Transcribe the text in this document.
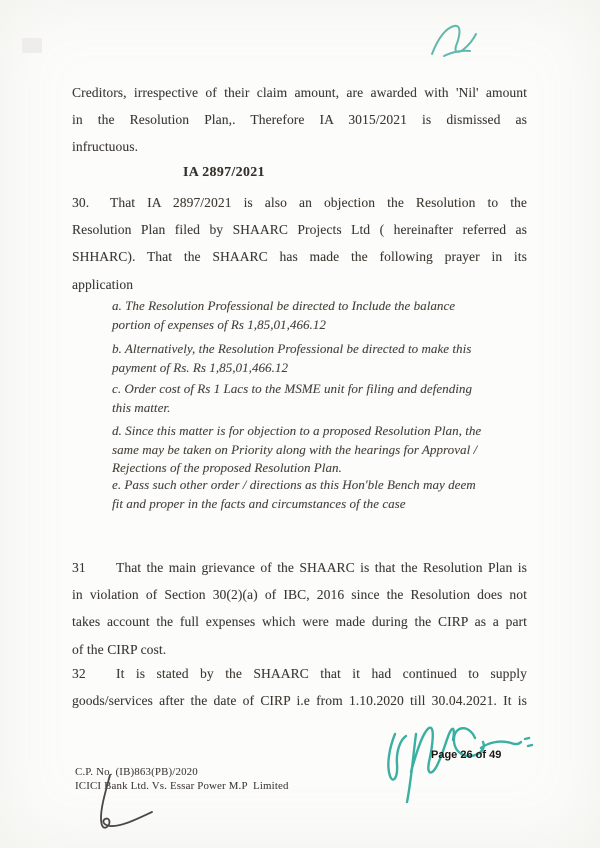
Creditors, irrespective of their claim amount, are awarded with 'Nil' amount
in the Resolution Plan,. Therefore IA 3015/2021 is dismissed as
infructuous.
IA 2897/2021
30.	That IA 2897/2021 is also an objection the Resolution to the
Resolution Plan filed by SHAARC Projects Ltd ( hereinafter referred as
SHHARC). That the SHAARC has made the following prayer in its
application
a. The Resolution Professional be directed to Include the balance
portion of expenses of Rs 1,85,01,466.12
b. Alternatively, the Resolution Professional be directed to make this
payment of Rs. Rs 1,85,01,466.12
c. Order cost of Rs 1 Lacs to the MSME unit for filing and defending
this matter.
d. Since this matter is for objection to a proposed Resolution Plan, the
same may be taken on Priority along with the hearings for Approval /
Rejections of the proposed Resolution Plan.
e. Pass such other order / directions as this Hon'ble Bench may deem
fit and proper in the facts and circumstances of the case
31	That the main grievance of the SHAARC is that the Resolution Plan is
in violation of Section 30(2)(a) of IBC, 2016 since the Resolution does not
takes account the full expenses which were made during the CIRP as a part
of the CIRP cost.
32	It is stated by the SHAARC that it had continued to supply
goods/services after the date of CIRP i.e from 1.10.2020 till 30.04.2021. It is
Page 26 of 49
C.P. No. (IB)863(PB)/2020
ICICI Bank Ltd. Vs. Essar Power M.P  Limited
